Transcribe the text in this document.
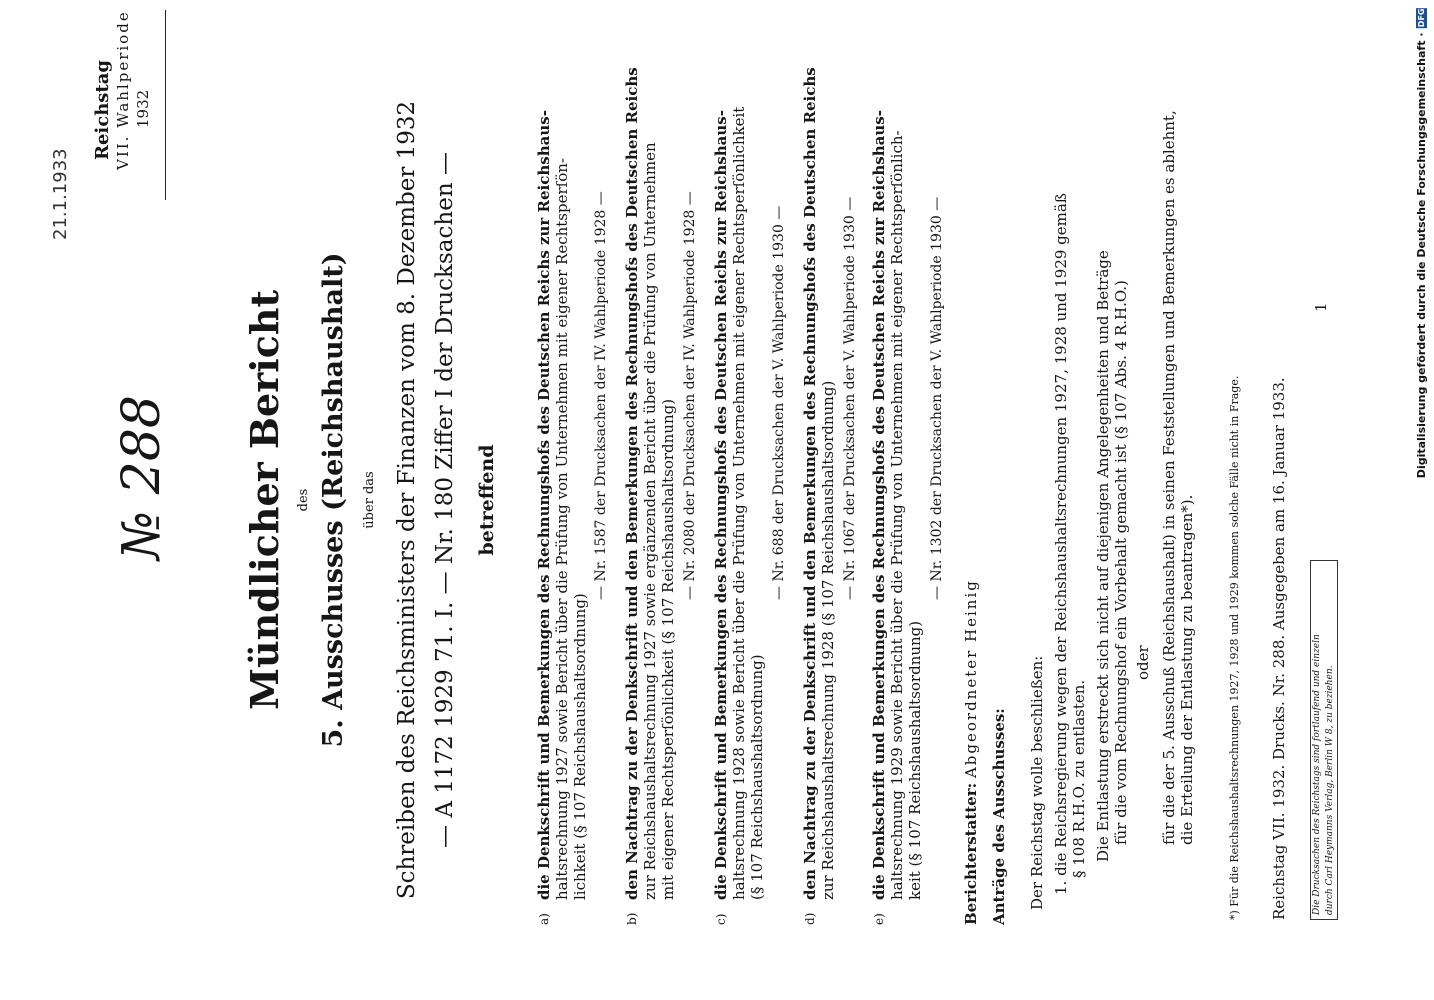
Digitalisierung gefördert durch die Deutsche Forschungsgemeinschaft · DFG
21.1.1933
Reichstag VII. Wahlperiode 1932
№ 288 Mündlicher Bericht des 5. Ausschusses (Reichshaushalt) über das Schreiben des Reichsministers der Finanzen vom 8. Dezember 1932 — A 1172 1929 71. I. — Nr. 180 Ziffer I der Drucksachen — betreffend
a)
die Denkschrift und Bemerkungen des Rechnungshofs des Deutschen Reichs zur Reichshaus- haltsrechnung 1927 sowie Bericht über die Prüfung von Unternehmen mit eigener Rechtsperſön- lichkeit (§ 107 Reichshaushaltsordnung)
— Nr. 1587 der Drucksachen der IV. Wahlperiode 1928 —
b)
den Nachtrag zu der Denkschrift und den Bemerkungen des Rechnungshofs des Deutschen Reichs zur Reichshaushaltsrechnung 1927 sowie ergänzenden Bericht über die Prüfung von Unternehmen mit eigener Rechtsperſönlichkeit (§ 107 Reichshaushaltsordnung)
— Nr. 2080 der Drucksachen der IV. Wahlperiode 1928 —
c)
die Denkschrift und Bemerkungen des Rechnungshofs des Deutschen Reichs zur Reichshaus- haltsrechnung 1928 sowie Bericht über die Prüfung von Unternehmen mit eigener Rechtsperſönlichkeit (§ 107 Reichshaushaltsordnung)
— Nr. 688 der Drucksachen der V. Wahlperiode 1930 —
d)
den Nachtrag zu der Denkschrift und den Bemerkungen des Rechnungshofs des Deutschen Reichs zur Reichshaushaltsrechnung 1928 (§ 107 Reichshaushaltsordnung) — Nr. 1067 der Drucksachen der V. Wahlperiode 1930 —
e)
die Denkschrift und Bemerkungen des Rechnungshofs des Deutschen Reichs zur Reichshaus- haltsrechnung 1929 sowie Bericht über die Prüfung von Unternehmen mit eigener Rechtsperſönlich- keit (§ 107 Reichshaushaltsordnung)
— Nr. 1302 der Drucksachen der V. Wahlperiode 1930 —
Berichterstatter: Abgeordneter Heinig
Anträge des Ausschusses: Der Reichstag wolle beschließen: 1. die Reichsregierung wegen der Reichshaushaltsrechnungen 1927, 1928 und 1929 gemäß § 108 R.H.O. zu entlasten. Die Entlastung erstreckt sich nicht auf diejenigen Angelegenheiten und Beträge für die vom Rechnungshof ein Vorbehalt gemacht ist (§ 107 Abs. 4 R.H.O.) oder für die der 5. Ausschuß (Reichshaushalt) in seinen Feststellungen und Bemerkungen es ablehnt, die Erteilung der Entlastung zu beantragen*).	*) Für die Reichshaushaltsrechnungen 1927, 1928 und 1929 kommen solche Fälle nicht in Frage. Reichstag VII. 1932. Drucks. Nr. 288. Ausgegeben am 16. Januar 1933.	Die Drucksachen des Reichstags sind fortlaufend und einzeln durch Carl Heymanns Verlag, Berlin W 8, zu beziehen.
1
